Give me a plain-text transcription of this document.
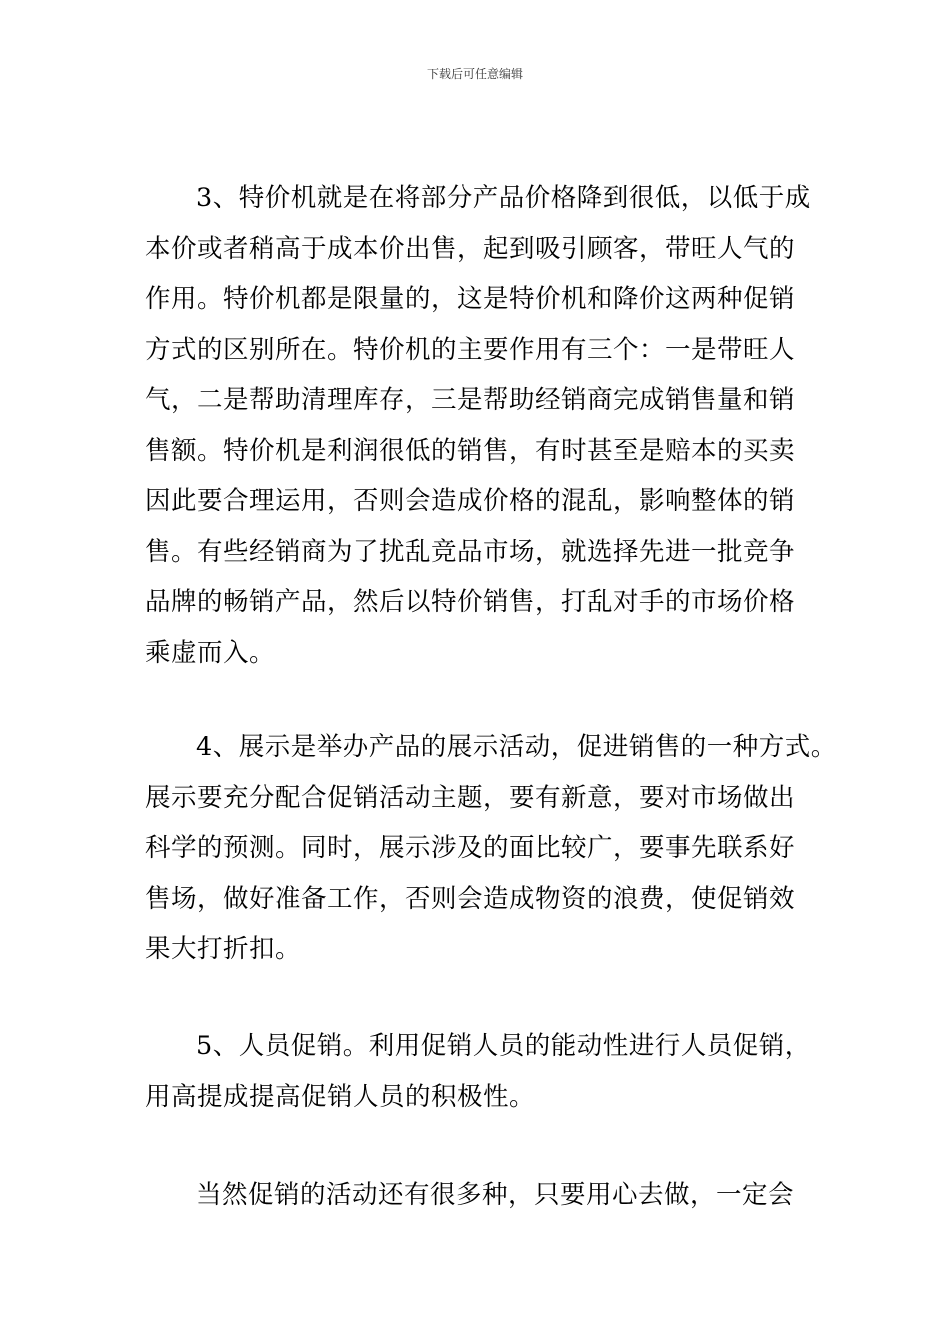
下载后可任意编辑
3、特价机就是在将部分产品价格降到很低，以低于成
本价或者稍高于成本价出售，起到吸引顾客，带旺人气的
作用。特价机都是限量的，这是特价机和降价这两种促销
方式的区别所在。特价机的主要作用有三个：一是带旺人
气，二是帮助清理库存，三是帮助经销商完成销售量和销
售额。特价机是利润很低的销售，有时甚至是赔本的买卖
因此要合理运用，否则会造成价格的混乱，影响整体的销
售。有些经销商为了扰乱竞品市场，就选择先进一批竞争
品牌的畅销产品，然后以特价销售，打乱对手的市场价格
乘虚而入。
4、展示是举办产品的展示活动，促进销售的一种方式。
展示要充分配合促销活动主题，要有新意，要对市场做出
科学的预测。同时，展示涉及的面比较广，要事先联系好
售场，做好准备工作，否则会造成物资的浪费，使促销效
果大打折扣。
5、人员促销。利用促销人员的能动性进行人员促销，
用高提成提高促销人员的积极性。
当然促销的活动还有很多种，只要用心去做，一定会
